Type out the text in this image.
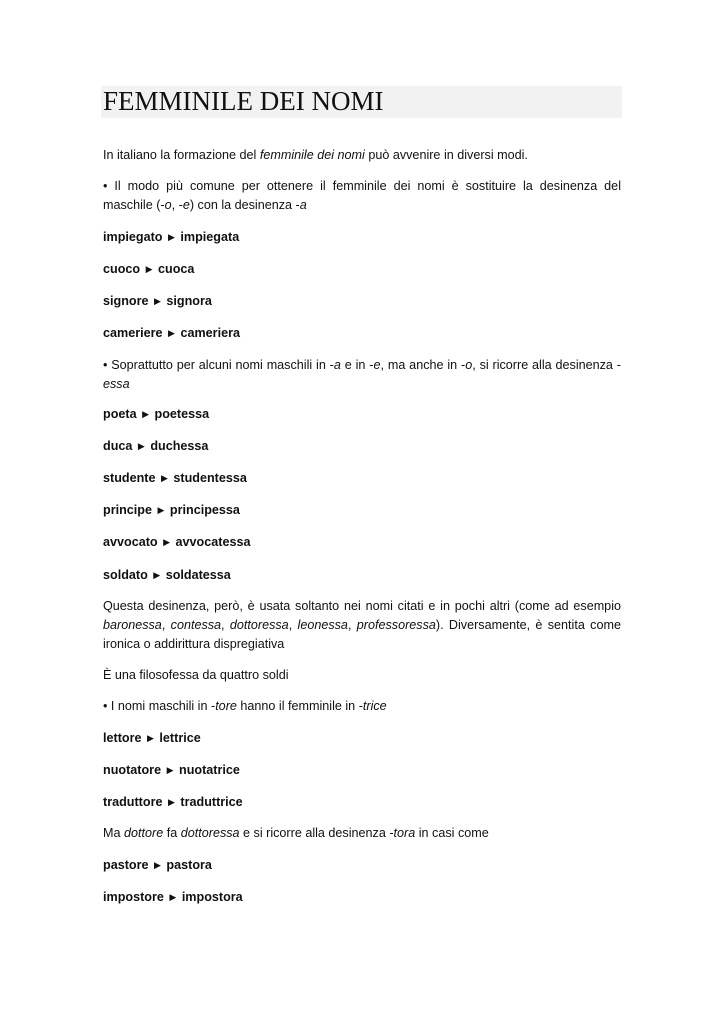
FEMMINILE DEI NOMI

In italiano la formazione del femminile dei nomi può avvenire in diversi modi.

• Il modo più comune per ottenere il femminile dei nomi è sostituire la desinenza del maschile (-o, -e) con la desinenza -a

impiegato ▶ impiegata

cuoco ▶ cuoca

signore ▶ signora

cameriere ▶ cameriera

• Soprattutto per alcuni nomi maschili in -a e in -e, ma anche in -o, si ricorre alla desinenza -essa

poeta ▶ poetessa

duca ▶ duchessa

studente ▶ studentessa

principe ▶ principessa

avvocato ▶ avvocatessa

soldato ▶ soldatessa

Questa desinenza, però, è usata soltanto nei nomi citati e in pochi altri (come ad esempio baronessa, contessa, dottoressa, leonessa, professoressa). Diversamente, è sentita come ironica o addirittura dispregiativa

È una filosofessa da quattro soldi

• I nomi maschili in -tore hanno il femminile in -trice

lettore ▶ lettrice

nuotatore ▶ nuotatrice

traduttore ▶ traduttrice

Ma dottore fa dottoressa e si ricorre alla desinenza -tora in casi come

pastore ▶ pastora

impostore ▶ impostora
